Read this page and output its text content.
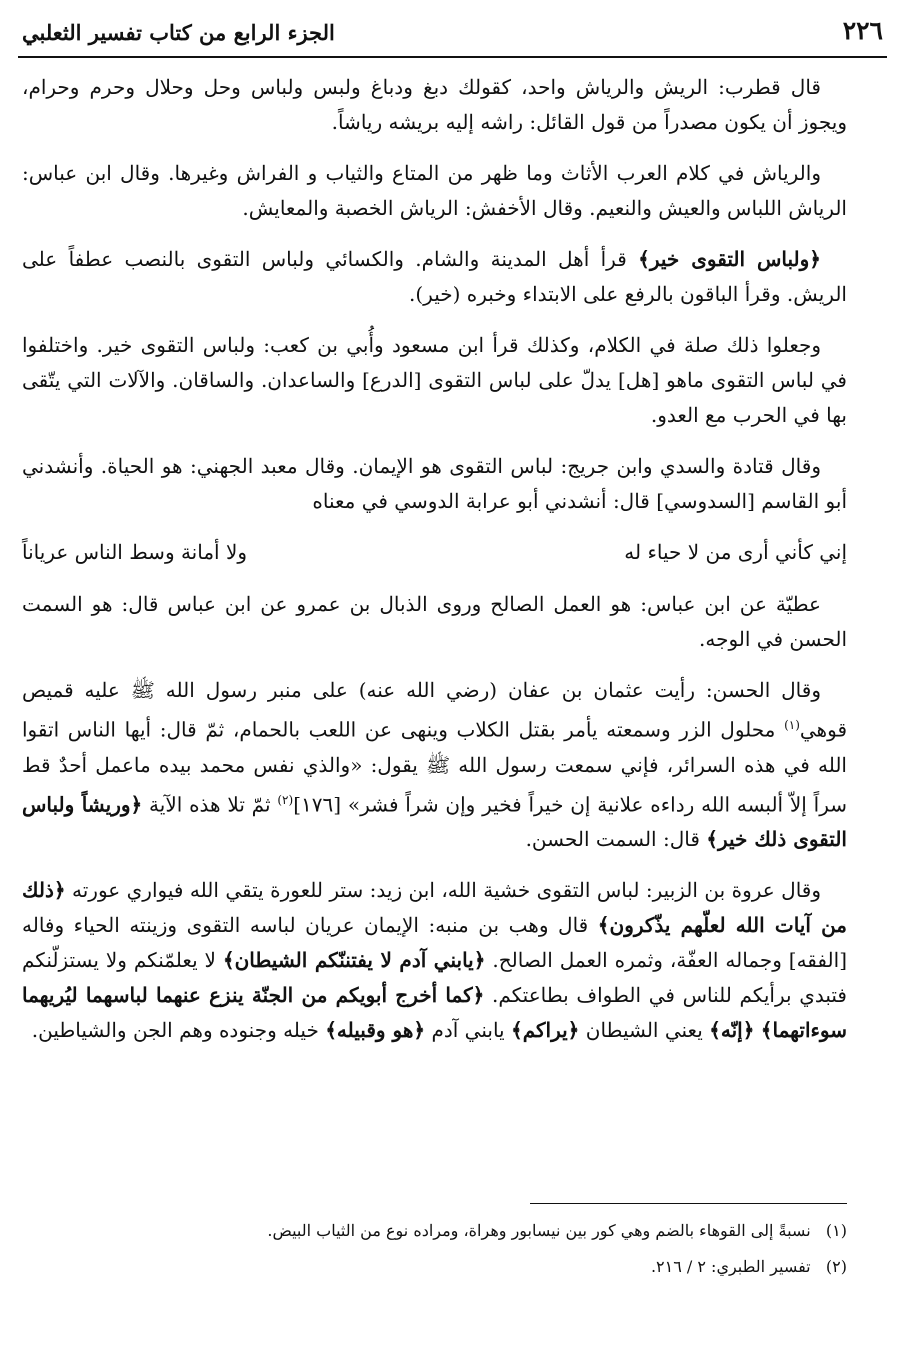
٢٢٦
الجزء الرابع من كتاب تفسير الثعلبي

قال قطرب: الريش والرياش واحد، كقولك دبغ ودباغ ولبس ولباس وحل وحلال وحرم وحرام، ويجوز أن يكون مصدراً من قول القائل: راشه إليه بريشه رياشاً.

والرياش في كلام العرب الأثاث وما ظهر من المتاع والثياب و الفراش وغيرها. وقال ابن عباس: الرياش اللباس والعيش والنعيم. وقال الأخفش: الرياش الخصبة والمعايش.

﴿ولباس التقوى خير﴾ قرأ أهل المدينة والشام. والكسائي ولباس التقوى بالنصب عطفاً على الريش. وقرأ الباقون بالرفع على الابتداء وخبره (خير).

وجعلوا ذلك صلة في الكلام، وكذلك قرأ ابن مسعود وأُبي بن كعب: ولباس التقوى خير. واختلفوا في لباس التقوى ماهو [هل] يدلّ على لباس التقوى [الدرع] والساعدان. والساقان. والآلات التي يتّقى بها في الحرب مع العدو.

وقال قتادة والسدي وابن جريج: لباس التقوى هو الإيمان. وقال معبد الجهني: هو الحياة. وأنشدني أبو القاسم [السدوسي] قال: أنشدني أبو عرابة الدوسي في معناه

إني كأني أرى من لا حياء له
ولا أمانة وسط الناس عرياناً

عطيّة عن ابن عباس: هو العمل الصالح وروى الذبال بن عمرو عن ابن عباس قال: هو السمت الحسن في الوجه.

وقال الحسن: رأيت عثمان بن عفان (رضي الله عنه) على منبر رسول الله ﷺ عليه قميص قوهي$^{(١)}$ محلول الزر وسمعته يأمر بقتل الكلاب وينهى عن اللعب بالحمام، ثمّ قال: أيها الناس اتقوا الله في هذه السرائر، فإني سمعت رسول الله ﷺ يقول: «والذي نفس محمد بيده ماعمل أحدٌ قط سراً إلاّ ألبسه الله رداءه علانية إن خيراً فخير وإن شراً فشر» [١٧٦]$^{(٢)}$ ثمّ تلا هذه الآية ﴿وريشاً ولباس التقوى ذلك خير﴾ قال: السمت الحسن.

وقال عروة بن الزبير: لباس التقوى خشية الله، ابن زيد: ستر للعورة يتقي الله فيواري عورته ﴿ذلك من آيات الله لعلّهم يذّكرون﴾ قال وهب بن منبه: الإيمان عريان لباسه التقوى وزينته الحياء وفاله [الفقه] وجماله العفّة، وثمره العمل الصالح. ﴿يابني آدم لا يفتننّكم الشيطان﴾ لا يعلمّنكم ولا يستزلّنكم فتبدي برأيكم للناس في الطواف بطاعتكم. ﴿كما أخرج أبويكم من الجنّة ينزع عنهما لباسهما ليُريهما سوءاتهما﴾ ﴿إنّه﴾ يعني الشيطان ﴿يراكم﴾ يابني آدم ﴿هو وقبيله﴾ خيله وجنوده وهم الجن والشياطين.

(١)   نسبةً إلى القوهاء بالضم وهي كور بين نيسابور وهراة، ومراده نوع من الثياب البيض.

(٢)   تفسير الطبري: ٢ / ٢١٦.
